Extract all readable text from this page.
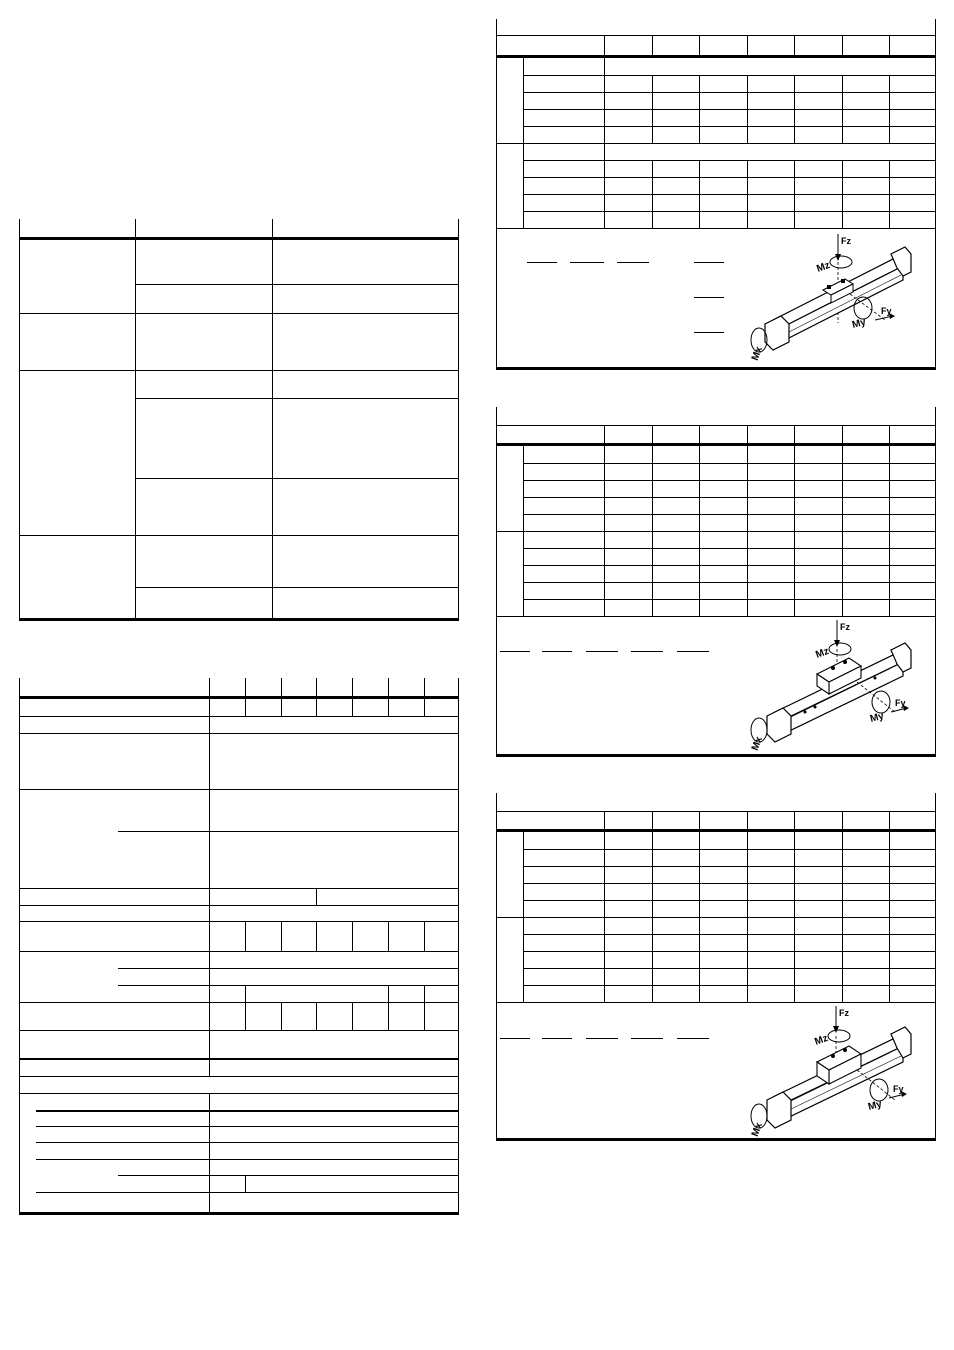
Fz
Mz
Mx
My
Fy
Fz
Mz
Mx
My
Fy
Fz
Mz
Mx
My
Fy
